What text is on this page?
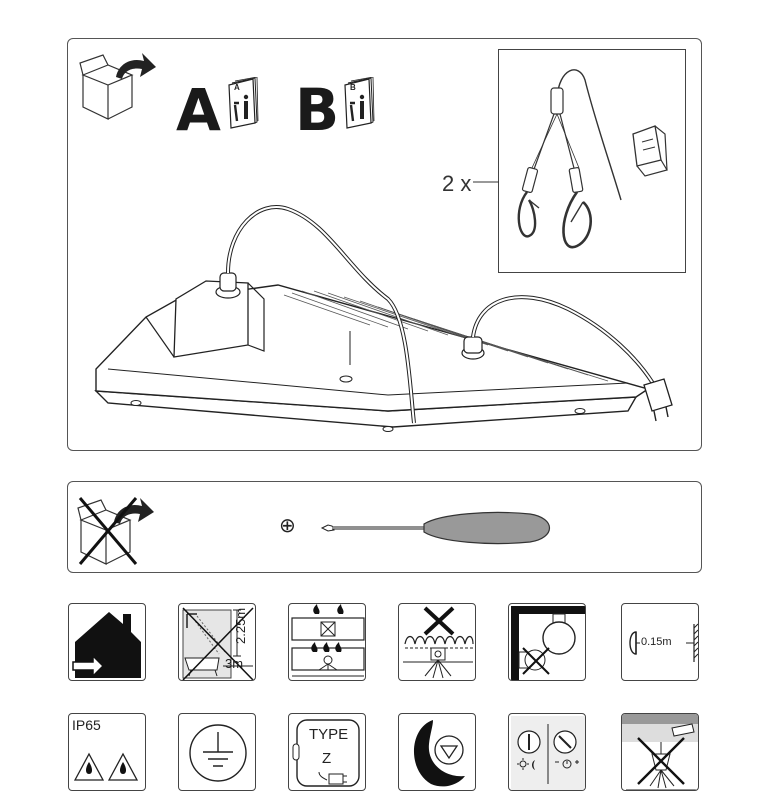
A A B B
2 x
⊕
2.25m
3m
0.15m
IP65
TYPE
Z
